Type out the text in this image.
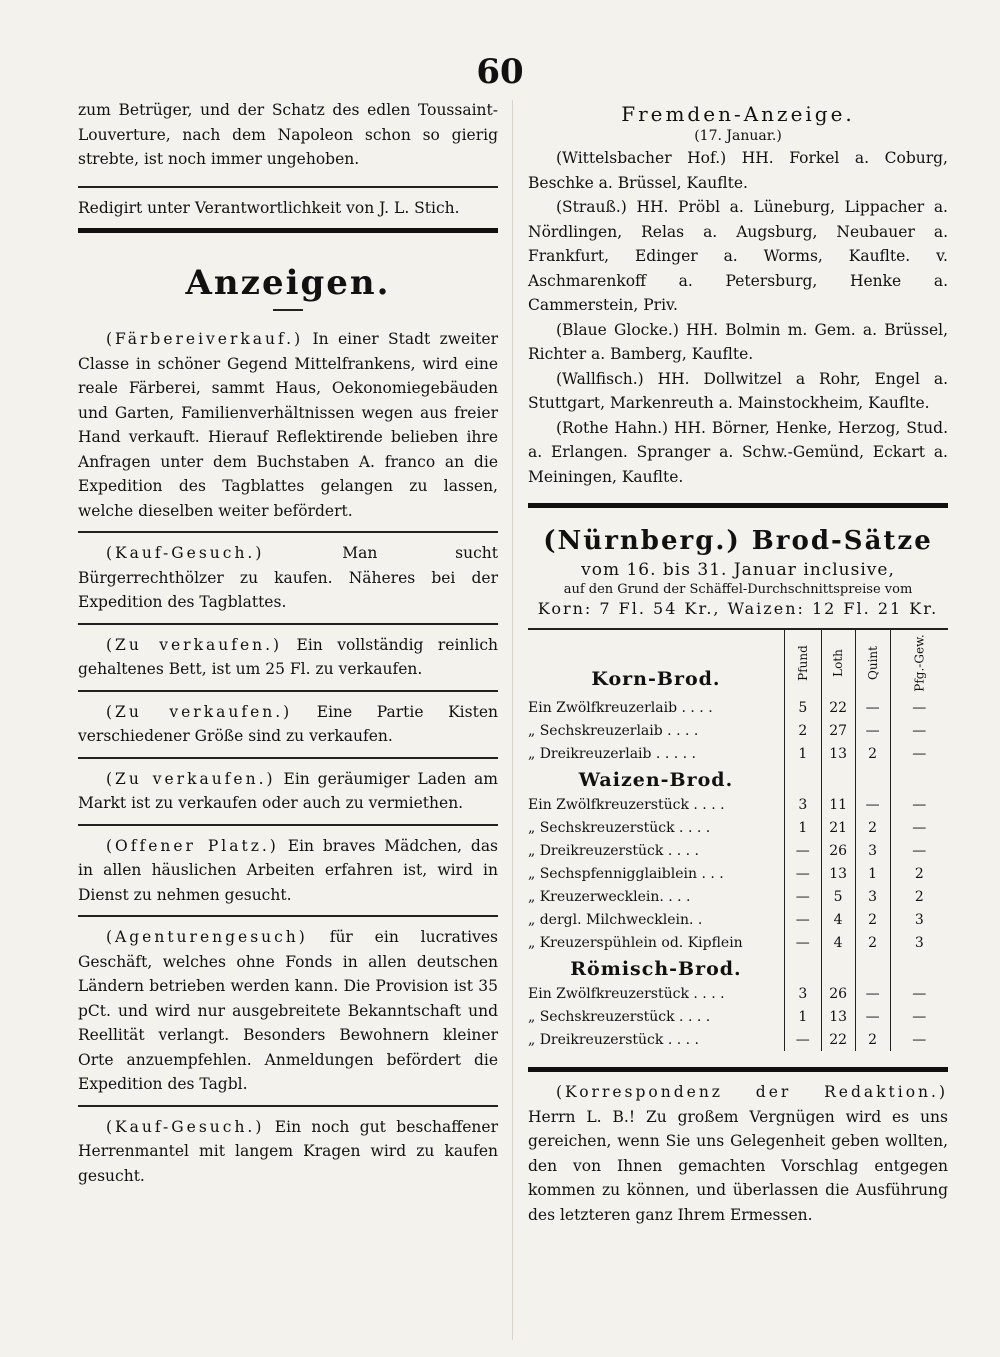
60

zum Betrüger, und der Schatz des edlen Toussaint-Louverture, nach dem Napoleon schon so gierig strebte, ist noch immer ungehoben.

Redigirt unter Verantwortlichkeit von J. L. Stich.

Anzeigen.

(Färbereiverkauf.) In einer Stadt zweiter Classe in schöner Gegend Mittelfrankens, wird eine reale Färberei, sammt Haus, Oekonomiegebäuden und Garten, Familienverhältnissen wegen aus freier Hand verkauft. Hierauf Reflektirende belieben ihre Anfragen unter dem Buchstaben A. franco an die Expedition des Tagblattes gelangen zu lassen, welche dieselben weiter befördert.

(Kauf-Gesuch.)	Man sucht Bürgerrechthölzer zu kaufen. Näheres bei der Expedition des Tagblattes.

(Zu verkaufen.) Ein vollständig reinlich gehaltenes Bett, ist um 25 Fl. zu verkaufen.

(Zu verkaufen.) Eine Partie Kisten verschiedener Größe sind zu verkaufen.

(Zu verkaufen.) Ein geräumiger Laden am Markt ist zu verkaufen oder auch zu vermiethen.

(Offener Platz.) Ein braves Mädchen, das in allen häuslichen Arbeiten erfahren ist, wird in Dienst zu nehmen gesucht.

(Agenturengesuch) für ein lucratives Geschäft, welches ohne Fonds in allen deutschen Ländern betrieben werden kann. Die Provision ist 35 pCt. und wird nur ausgebreitete Bekanntschaft und Reellität verlangt. Besonders Bewohnern kleiner Orte anzuempfehlen. Anmeldungen befördert die Expedition des Tagbl.

(Kauf-Gesuch.) Ein noch gut beschaffener Herrenmantel mit langem Kragen wird zu kaufen gesucht.

Fremden-Anzeige.
(17. Januar.)

(Wittelsbacher Hof.) HH. Forkel a. Coburg, Beschke a. Brüssel, Kaufltе.

(Strauß.) HH. Pröbl a. Lüneburg, Lippacher a. Nördlingen, Relas a. Augsburg, Neubauer a. Frankfurt, Edinger a. Worms, Kauflte. v. Aschmarenkoff a. Petersburg, Henke a. Cammerstein, Priv.

(Blaue Glocke.) HH. Bolmin m. Gem. a. Brüssel, Richter a. Bamberg, Kauflte.

(Wallfisch.) HH. Dollwitzel a Rohr, Engel a. Stuttgart, Markenreuth a. Mainstockheim, Kauflte.

(Rothe Hahn.) HH. Börner, Henke, Herzog, Stud. a. Erlangen. Spranger a. Schw.-Gemünd, Eckart a. Meiningen, Kauflte.

(Nürnberg.) Brod-Sätze
vom 16. bis 31. Januar inclusive,
auf den Grund der Schäffel-Durchschnittspreise vom
Korn: 7 Fl. 54 Kr., Waizen: 12 Fl. 21 Kr.
Korn-Brod.	Pfund	Loth	Quint	Pfg.-Gew.
Ein Zwölfkreuzerlaib . . . .	5	22	—	—
„ Sechskreuzerlaib . . . .	2	27	—	—
„ Dreikreuzerlaib . . . . .	1	13	2	—
Waizen-Brod.				
Ein Zwölfkreuzerstück . . . .	3	11	—	—
„ Sechskreuzerstück . . . .	1	21	2	—
„ Dreikreuzerstück . . . .	—	26	3	—
„ Sechspfennigglaiblein . . .	—	13	1	2
„ Kreuzerwecklein. . . .	—	5	3	2
„ dergl. Milchwecklein. .	—	4	2	3
„ Kreuzerspühlein od. Kipflein	—	4	2	3
Römisch-Brod.				
Ein Zwölfkreuzerstück . . . .	3	26	—	—
„ Sechskreuzerstück . . . .	1	13	—	—
„ Dreikreuzerstück . . . .	—	22	2	—

(Korrespondenz der Redaktion.) Herrn L. B.! Zu großem Vergnügen wird es uns gereichen, wenn Sie uns Gelegenheit geben wollten, den von Ihnen gemachten Vorschlag entgegen kommen zu können, und überlassen die Ausführung des letzteren ganz Ihrem Ermessen.
